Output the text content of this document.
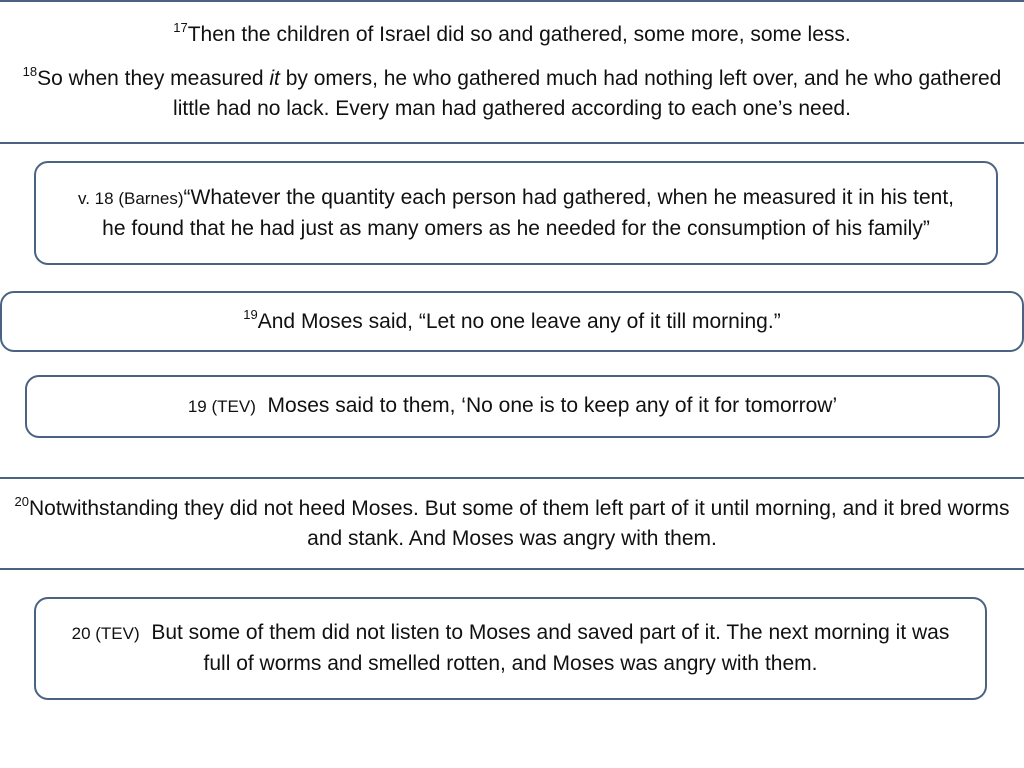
$^{17}$Then the children of Israel did so and gathered, some more, some less.

$^{18}$So when they measured it by omers, he who gathered much had nothing left over, and he who gathered little had no lack. Every man had gathered according to each one’s need.

v. 18 (Barnes)“Whatever the quantity each person had gathered, when he measured it in his tent, he found that he had just as many omers as he needed for the consumption of his family”

$^{19}$And Moses said, “Let no one leave any of it till morning.”

19 (TEV) Moses said to them, ‘No one is to keep any of it for tomorrow’

$^{20}$Notwithstanding they did not heed Moses. But some of them left part of it until morning, and it bred worms and stank. And Moses was angry with them.

20 (TEV) But some of them did not listen to Moses and saved part of it. The next morning it was full of worms and smelled rotten, and Moses was angry with them.
